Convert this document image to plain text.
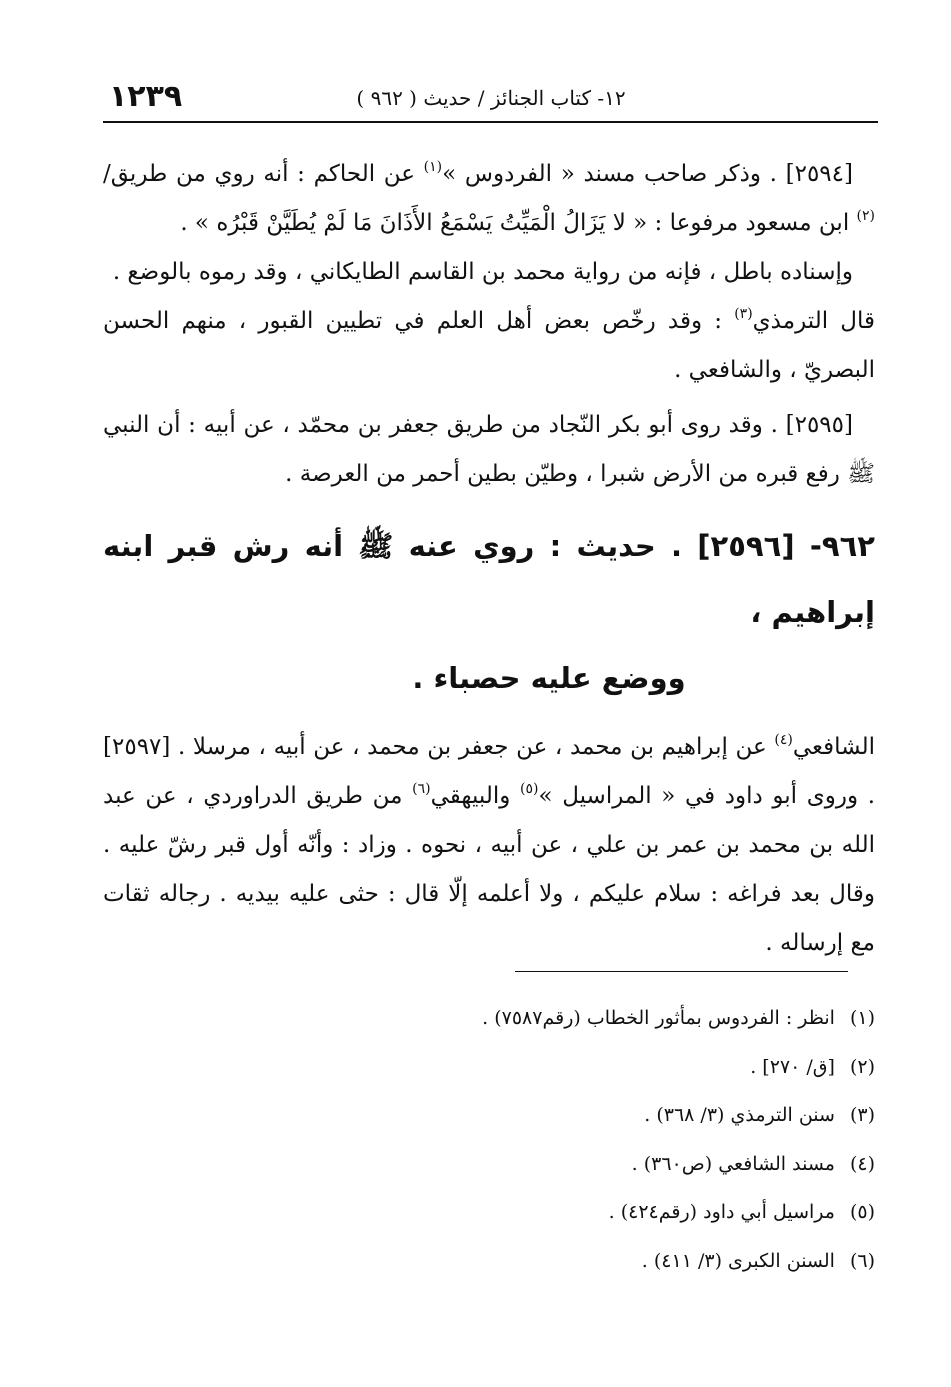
١٢٣٩	١٢- كتاب الجنائز / حديث ( ٩٦٢ )

[٢٥٩٤] . وذكر صاحب مسند « الفردوس »$^{(١)}$ عن الحاكم : أنه روي من طريق/ $^{(٢)}$ ابن مسعود مرفوعا : « لا يَزَالُ الْمَيِّتُ يَسْمَعُ الأَذَانَ مَا لَمْ يُطَيَّنْ قَبْرُه » .

وإسناده باطل ، فإنه من رواية محمد بن القاسم الطايكاني ، وقد رموه بالوضع .

قال الترمذي$^{(٣)}$ : وقد رخّص بعض أهل العلم في تطيين القبور ، منهم الحسن البصريّ ، والشافعي .

[٢٥٩٥] . وقد روى أبو بكر النّجاد من طريق جعفر بن محمّد ، عن أبيه : أن النبي ﷺ رفع قبره من الأرض شبرا ، وطيّن بطين أحمر من العرصة .

٩٦٢- [٢٥٩٦] . حديث : روي عنه ﷺ أنه رش قبر ابنه إبراهيم ،
ووضع عليه حصباء .

الشافعي$^{(٤)}$ عن إبراهيم بن محمد ، عن جعفر بن محمد ، عن أبيه ، مرسلا . [٢٥٩٧] . وروى أبو داود في « المراسيل »$^{(٥)}$ والبيهقي$^{(٦)}$ من طريق الدراوردي ، عن عبد الله بن محمد بن عمر بن علي ، عن أبيه ، نحوه . وزاد : وأنّه أول قبر رشّ عليه . وقال بعد فراغه : سلام عليكم ، ولا أعلمه إلّا قال : حثى عليه بيديه . رجاله ثقات مع إرساله .

(١) انظر : الفردوس بمأثور الخطاب (رقم٧٥٨٧) .
(٢) [ق/ ٢٧٠] .
(٣) سنن الترمذي (٣/ ٣٦٨) .
(٤) مسند الشافعي (ص٣٦٠) .
(٥) مراسيل أبي داود (رقم٤٢٤) .
(٦) السنن الكبرى (٣/ ٤١١) .
